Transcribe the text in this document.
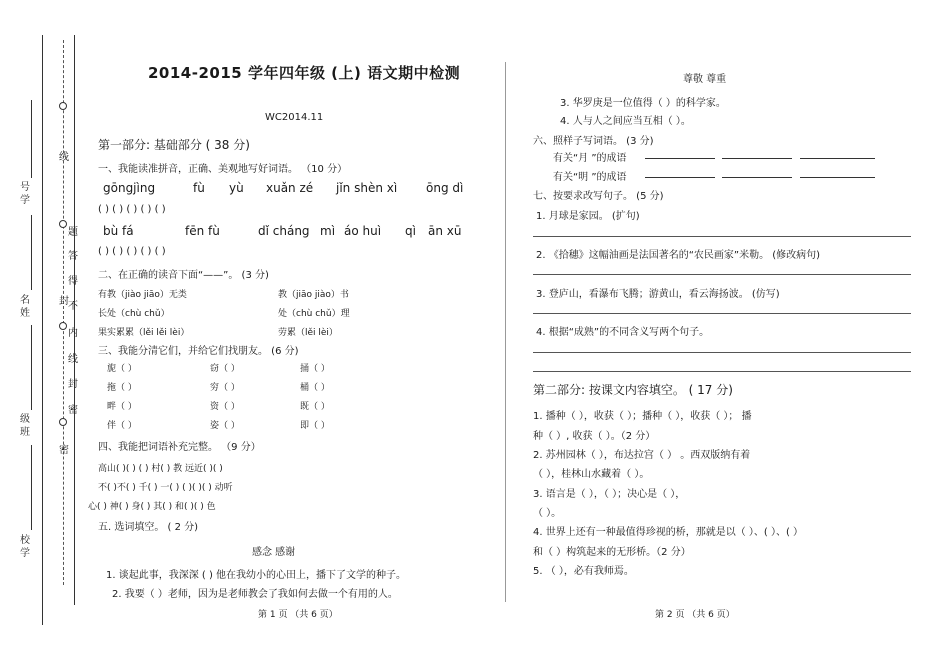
号
学
名
姓
级
班
校
学
线
题
答
得
不
内
线
封
密
密
封
2014-2015 学年四年级 (上) 语文期中检测
WC2014.11
第一部分: 基础部分 ( 38 分)
一、我能读准拼音，正确、美观地写好词语。 （10 分）
gōngjìng	fù yù xuǎn zé jǐn shèn xì ōng dì
( ) ( ) ( ) ( ) ( )
bù fá	fēn fù	dǐ cháng mì áo huì qì ān xū
( ) ( ) ( ) ( ) ( )
二、在正确的读音下面“——”。 (3 分)
有教（jiào jiāo）无类	教（jiāo jiào）书
长处（chù chǔ）	处（chù chǔ）理
果实累累（lěi lěi lèi）	劳累（lěi lèi）
三、我能分清它们，并给它们找朋友。 (6 分)
旎（ ）	窃（ ）	捅（ ）
拖（ ）	穷（ ）	桶（ ）
畔（ ）	资（ ）	既（ ）
伴（ ）	姿（ ）	即（ ）
四、我能把词语补充完整。 （9 分）
高山( )( ) ( ) 村( ) 教 远近( )( )
不( )不( ) 千( ) 一( ) ( )( )( ) 动听
心( ) 神( ) 身( ) 其( ) 和( )( ) 色
五. 选词填空。 ( 2 分)
感念 感谢
1. 谈起此事，我深深 ( ) 他在我幼小的心田上，播下了文学的种子。
2. 我要（ ）老师，因为是老师教会了我如何去做一个有用的人。
第 1 页 （共 6 页）
尊敬 尊重
3. 华罗庚是一位值得（ ）的科学家。
4. 人与人之间应当互相（ ）。
六、照样子写词语。 (3 分)
有关“月 ”的成语
有关“明 ”的成语
七、按要求改写句子。 (5 分)
1. 月球是家园。 (扩句)
2. 《拾穗》这幅油画是法国著名的“农民画家”米勒。 (修改病句)
3. 登庐山，看瀑布飞腾；游黄山，看云海扬波。 (仿写)
4. 根据“成熟”的不同含义写两个句子。
第二部分: 按课文内容填空。 ( 17 分)
1. 播种（ ），收获（ ）；播种（ ），收获（ ）； 播
种（ ）, 收获（ ）。（2 分）
2. 苏州园林（ ），布达拉宫（ ） 。西双版纳有着
（ ），桂林山水藏着（ ）。
3. 语言是（ ），（ ）；决心是（ ），
（ ）。
4. 世界上还有一种最值得珍视的桥，那就是以（ ）、( ）、( ）
和（ ）构筑起来的无形桥。（2 分）
5. （ ），必有我师焉。
第 2 页 （共 6 页）
